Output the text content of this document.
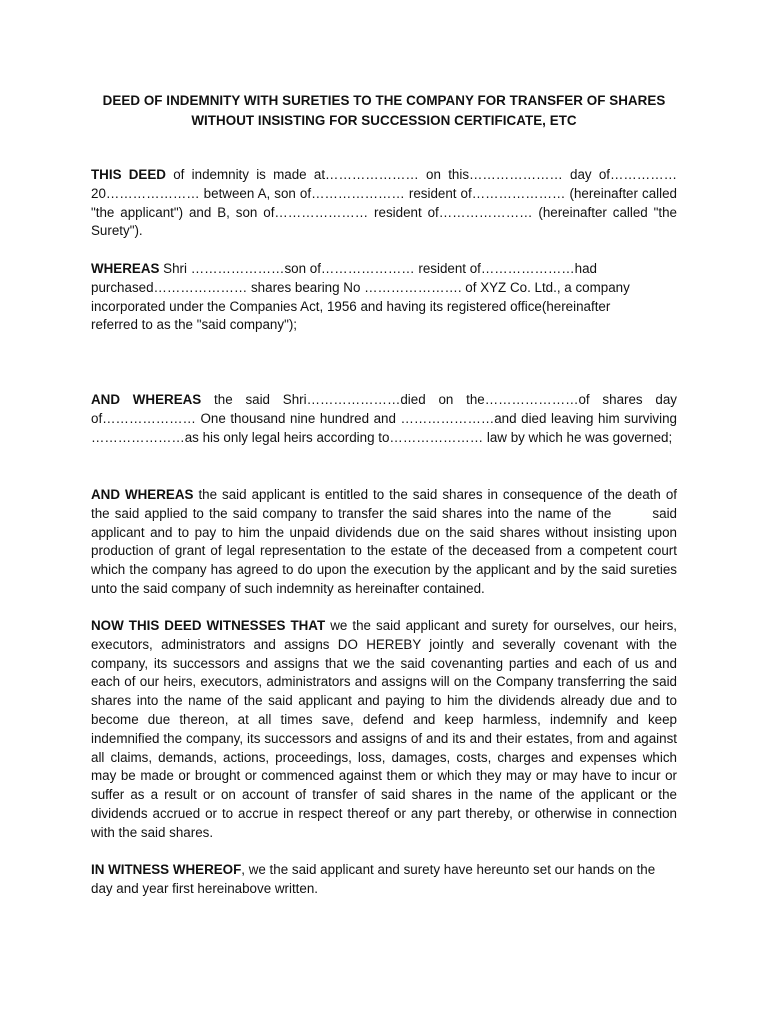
DEED OF INDEMNITY WITH SURETIES TO THE COMPANY FOR TRANSFER OF SHARES
WITHOUT INSISTING FOR SUCCESSION CERTIFICATE, ETC

THIS DEED of indemnity is made at………………… on this………………… day of…………… 20………………… between A, son of………………… resident of………………… (hereinafter called "the applicant") and B, son of………………… resident of………………… (hereinafter called "the Surety").

WHEREAS Shri …………………son of………………… resident of…………………had
purchased………………… shares bearing No …………………. of XYZ Co. Ltd., a company
incorporated under the Companies Act, 1956 and having its registered office(hereinafter
referred to as the "said company");

AND WHEREAS the said Shri…………………died on the…………………of shares day of………………… One thousand nine hundred and …………………and died leaving him surviving …………………as his only legal heirs according to………………… law by which he was governed;

AND WHEREAS the said applicant is entitled to the said shares in consequence of the death of the said applied to the said company to transfer the said shares into the name of the	said applicant and to pay to him the unpaid dividends due on the said shares without insisting upon production of grant of legal representation to the estate of the deceased from a competent court which the company has agreed to do upon the execution by the applicant and by the said sureties unto the said company of such indemnity as hereinafter contained.

NOW THIS DEED WITNESSES THAT we the said applicant and surety for ourselves, our heirs, executors, administrators and assigns DO HEREBY jointly and severally covenant with the company, its successors and assigns that we the said covenanting parties and each of us and each of our heirs, executors, administrators and assigns will on the Company transferring the said shares into the name of the said applicant and paying to him the dividends already due and to become due thereon, at all times save, defend and keep harmless, indemnify and keep indemnified the company, its successors and assigns of and its and their estates, from and against all claims, demands, actions, proceedings, loss, damages, costs, charges and expenses which may be made or brought or commenced against them or which they may or may have to incur or suffer as a result or on account of transfer of said shares in the name of the applicant or the dividends accrued or to accrue in respect thereof or any part thereby, or otherwise in connection with the said shares.

IN WITNESS WHEREOF, we the said applicant and surety have hereunto set our hands on the day and year first hereinabove written.
